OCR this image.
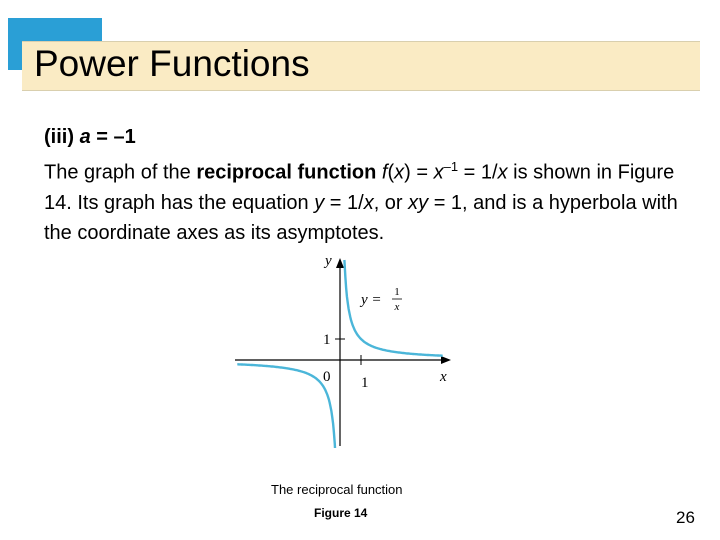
Power Functions

(iii) a = –1

The graph of the reciprocal function $f(x) = x^{-1} = 1/x$ is shown in Figure 14. Its graph has the equation y = 1/x, or xy = 1, and is a hyperbola with the coordinate axes as its asymptotes.

y
x
1
1
0
y = 1
x
The reciprocal function
Figure 14	26
